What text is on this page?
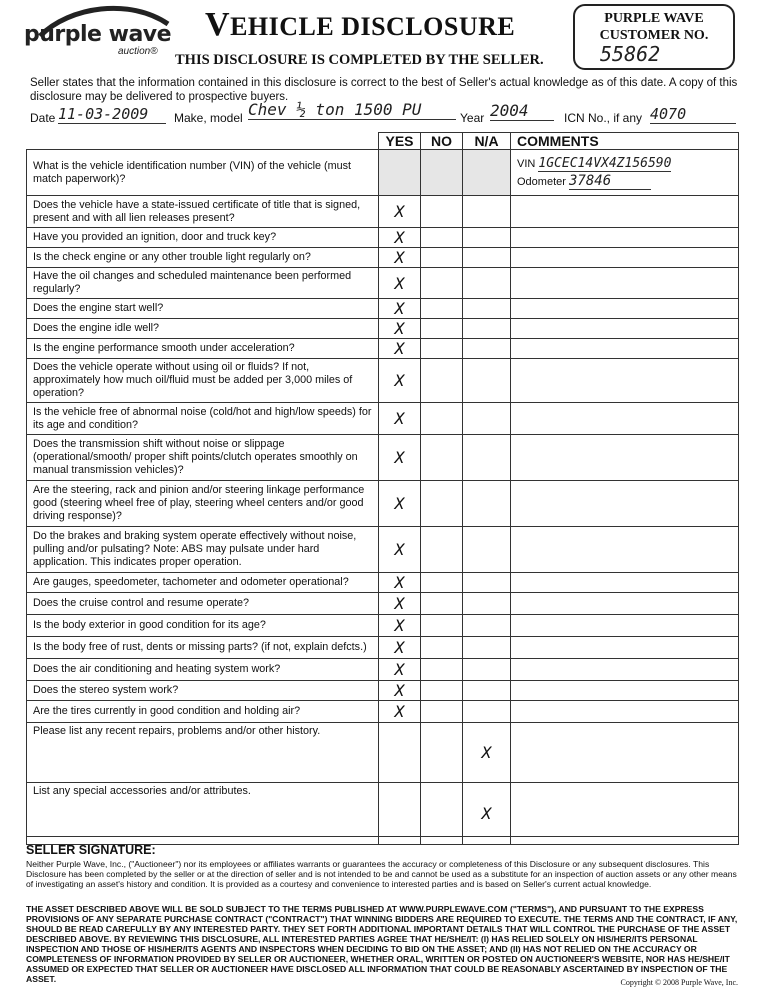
purple wave
auction®
VEHICLE DISCLOSURE
THIS DISCLOSURE IS COMPLETED BY THE SELLER.
PURPLE WAVE
CUSTOMER NO.
55862
Seller states that the information contained in this disclosure is correct to the best of Seller's actual knowledge as of this date. A copy of this disclosure may be delivered to prospective buyers.
Date 11-03-2009	Make, model Chev ½ ton 1500 PU	Year 2004	ICN No., if any 4070
	YES	NO	N/A	COMMENTS
What is the vehicle identification number (VIN) of the vehicle (must match paperwork)?				VIN 1GCEC14VX4Z156590
Odometer 37846

Does the vehicle have a state-issued certificate of title that is signed, present and with all lien releases present?	X			
Have you provided an ignition, door and truck key?	X			
Is the check engine or any other trouble light regularly on?	X			
Have the oil changes and scheduled maintenance been performed regularly?	X			
Does the engine start well?	X			
Does the engine idle well?	X			
Is the engine performance smooth under acceleration?	X			
Does the vehicle operate without using oil or fluids? If not, approximately how much oil/fluid must be added per 3,000 miles of operation?	X			
Is the vehicle free of abnormal noise (cold/hot and high/low speeds) for its age and condition?	X			
Does the transmission shift without noise or slippage (operational/smooth/ proper shift points/clutch operates smoothly on manual transmission vehicles)?	X			
Are the steering, rack and pinion and/or steering linkage performance good (steering wheel free of play, steering wheel centers and/or good driving response)?	X			
Do the brakes and braking system operate effectively without noise, pulling and/or pulsating? Note: ABS may pulsate under hard application. This indicates proper operation.	X			
Are gauges, speedometer, tachometer and odometer operational?	X			
Does the cruise control and resume operate?	X			
Is the body exterior in good condition for its age?	X			
Is the body free of rust, dents or missing parts? (if not, explain defcts.)	X			
Does the air conditioning and heating system work?	X			
Does the stereo system work?	X			
Are the tires currently in good condition and holding air?	X			
Please list any recent repairs, problems and/or other history.			X	
List any special accessories and/or attributes.			X	
SELLER SIGNATURE:
Neither Purple Wave, Inc., ("Auctioneer") nor its employees or affiliates warrants or guarantees the accuracy or completeness of this Disclosure or any subsequent disclosures. This Disclosure has been completed by the seller or at the direction of seller and is not intended to be and cannot be used as a substitute for an inspection of auction assets or any other means of investigating an asset's history and condition. It is provided as a courtesy and convenience to interested parties and is based on Seller's current actual knowledge.
THE ASSET DESCRIBED ABOVE WILL BE SOLD SUBJECT TO THE TERMS PUBLISHED AT WWW.PURPLEWAVE.COM ("TERMS"), AND PURSUANT TO THE EXPRESS PROVISIONS OF ANY SEPARATE PURCHASE CONTRACT ("CONTRACT") THAT WINNING BIDDERS ARE REQUIRED TO EXECUTE. THE TERMS AND THE CONTRACT, IF ANY, SHOULD BE READ CAREFULLY BY ANY INTERESTED PARTY. THEY SET FORTH ADDITIONAL IMPORTANT DETAILS THAT WILL CONTROL THE PURCHASE OF THE ASSET DESCRIBED ABOVE. BY REVIEWING THIS DISCLOSURE, ALL INTERESTED PARTIES AGREE THAT HE/SHE/IT: (I) HAS RELIED SOLELY ON HIS/HER/ITS PERSONAL INSPECTION AND THOSE OF HIS/HER/ITS AGENTS AND INSPECTORS WHEN DECIDING TO BID ON THE ASSET; AND (II) HAS NOT RELIED ON THE ACCURACY OR COMPLETENESS OF INFORMATION PROVIDED BY SELLER OR AUCTIONEER, WHETHER ORAL, WRITTEN OR POSTED ON AUCTIONEER'S WEBSITE, NOR HAS HE/SHE/IT ASSUMED OR EXPECTED THAT SELLER OR AUCTIONEER HAVE DISCLOSED ALL INFORMATION THAT COULD BE REASONABLY ASCERTAINED BY INSPECTION OF THE ASSET.	Copyright © 2008 Purple Wave, Inc.
